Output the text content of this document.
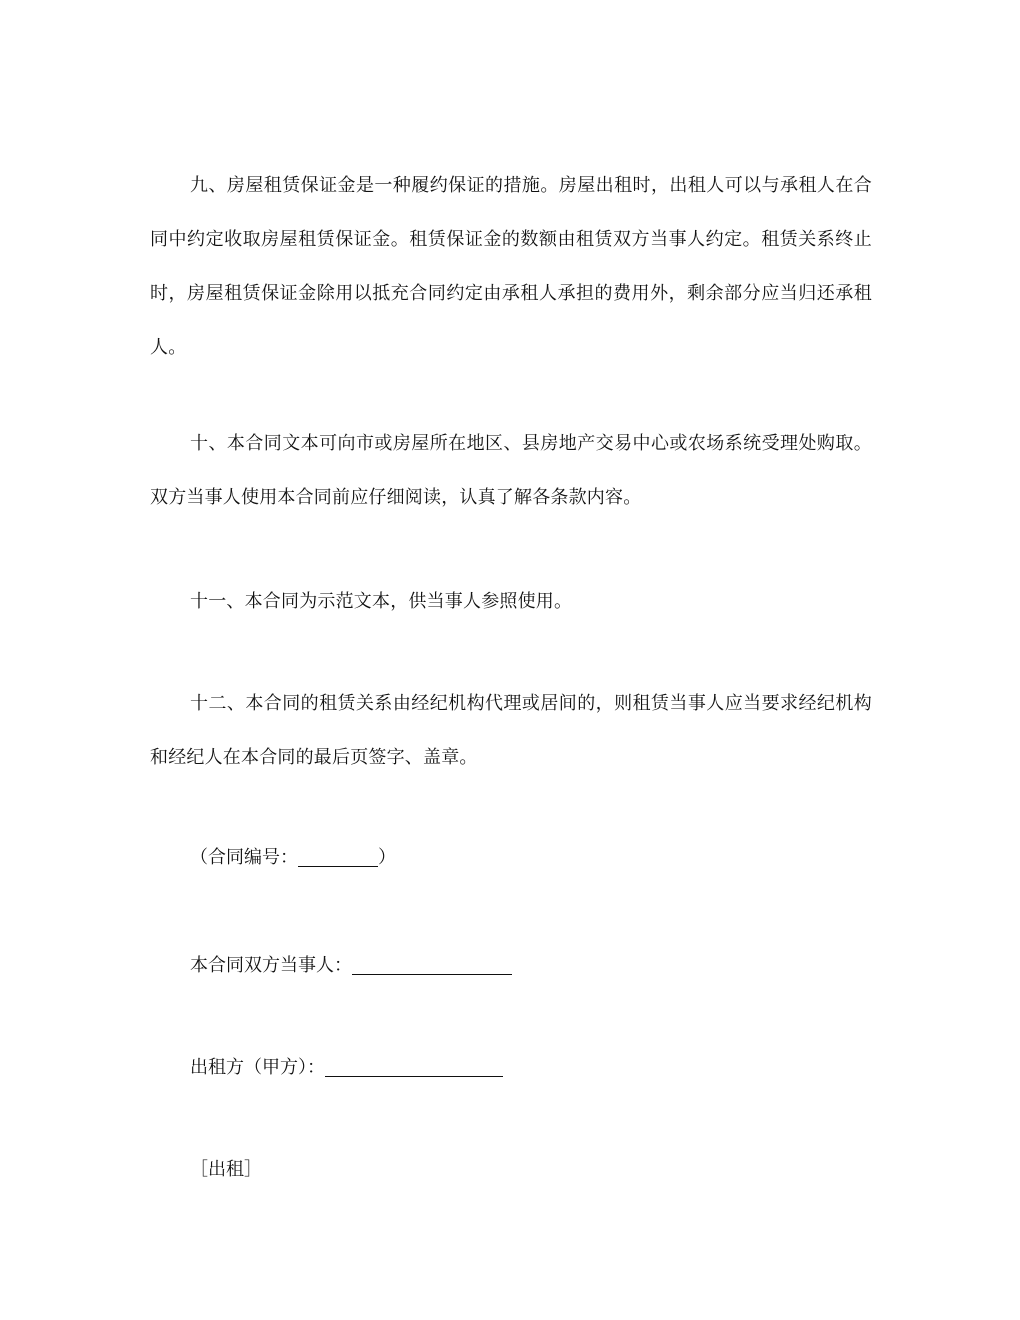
九、房屋租赁保证金是一种履约保证的措施。房屋出租时，出租人可以与承租人在合同中约定收取房屋租赁保证金。租赁保证金的数额由租赁双方当事人约定。租赁关系终止时，房屋租赁保证金除用以抵充合同约定由承租人承担的费用外，剩余部分应当归还承租人。

十、本合同文本可向市或房屋所在地区、县房地产交易中心或农场系统受理处购取。双方当事人使用本合同前应仔细阅读，认真了解各条款内容。

十一、本合同为示范文本，供当事人参照使用。

十二、本合同的租赁关系由经纪机构代理或居间的，则租赁当事人应当要求经纪机构和经纪人在本合同的最后页签字、盖章。

（合同编号：	）
本合同双方当事人：
出租方（甲方）：
［出租］
